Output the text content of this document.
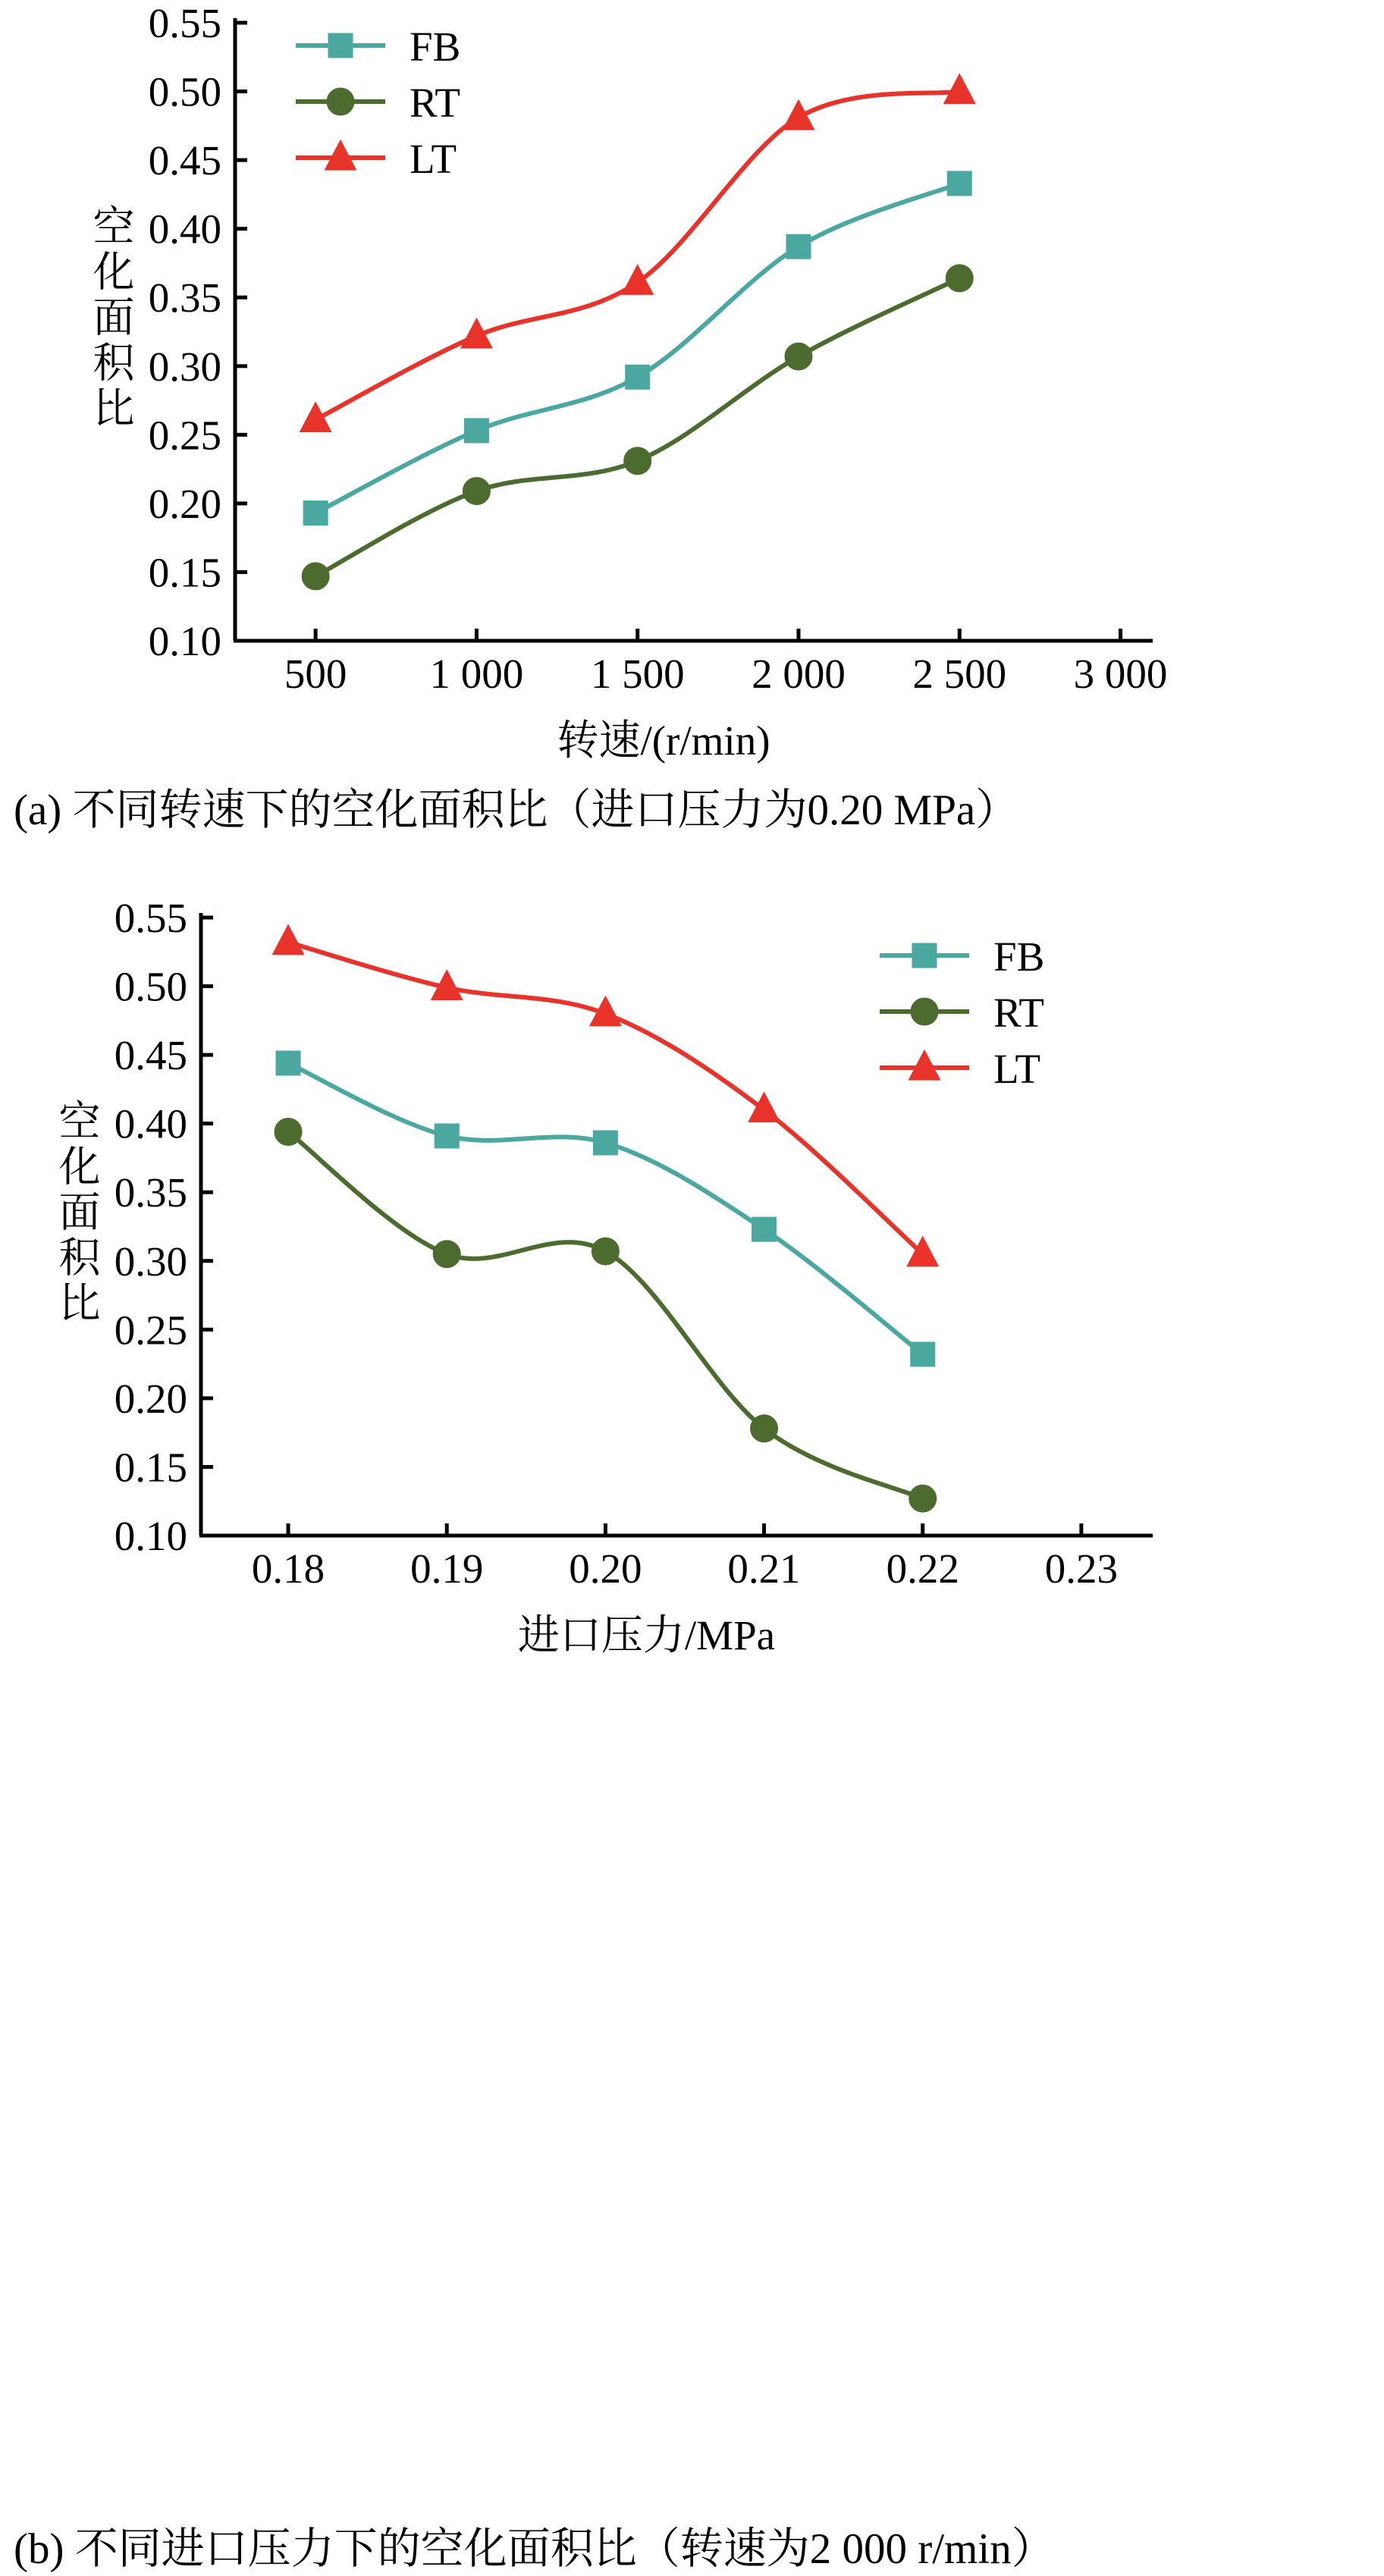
0.10
0.15
0.20
0.25
0.30
0.35
0.40
0.45
0.50
0.55
500 1 000 1 500 2 000 2 500 3 000
转速/(r/min)
空
化
面
积
比
FB
RT
LT
(a) 不同转速下的空化面积比（进口压力为0.20 MPa）
0.10
0.15
0.20
0.25
0.30
0.35
0.40
0.45
0.50
0.55
0.18 0.19 0.20 0.21 0.22 0.23
进口压力/MPa
空
化
面
积
比
FB
RT
LT
(b) 不同进口压力下的空化面积比（转速为2 000 r/min）
